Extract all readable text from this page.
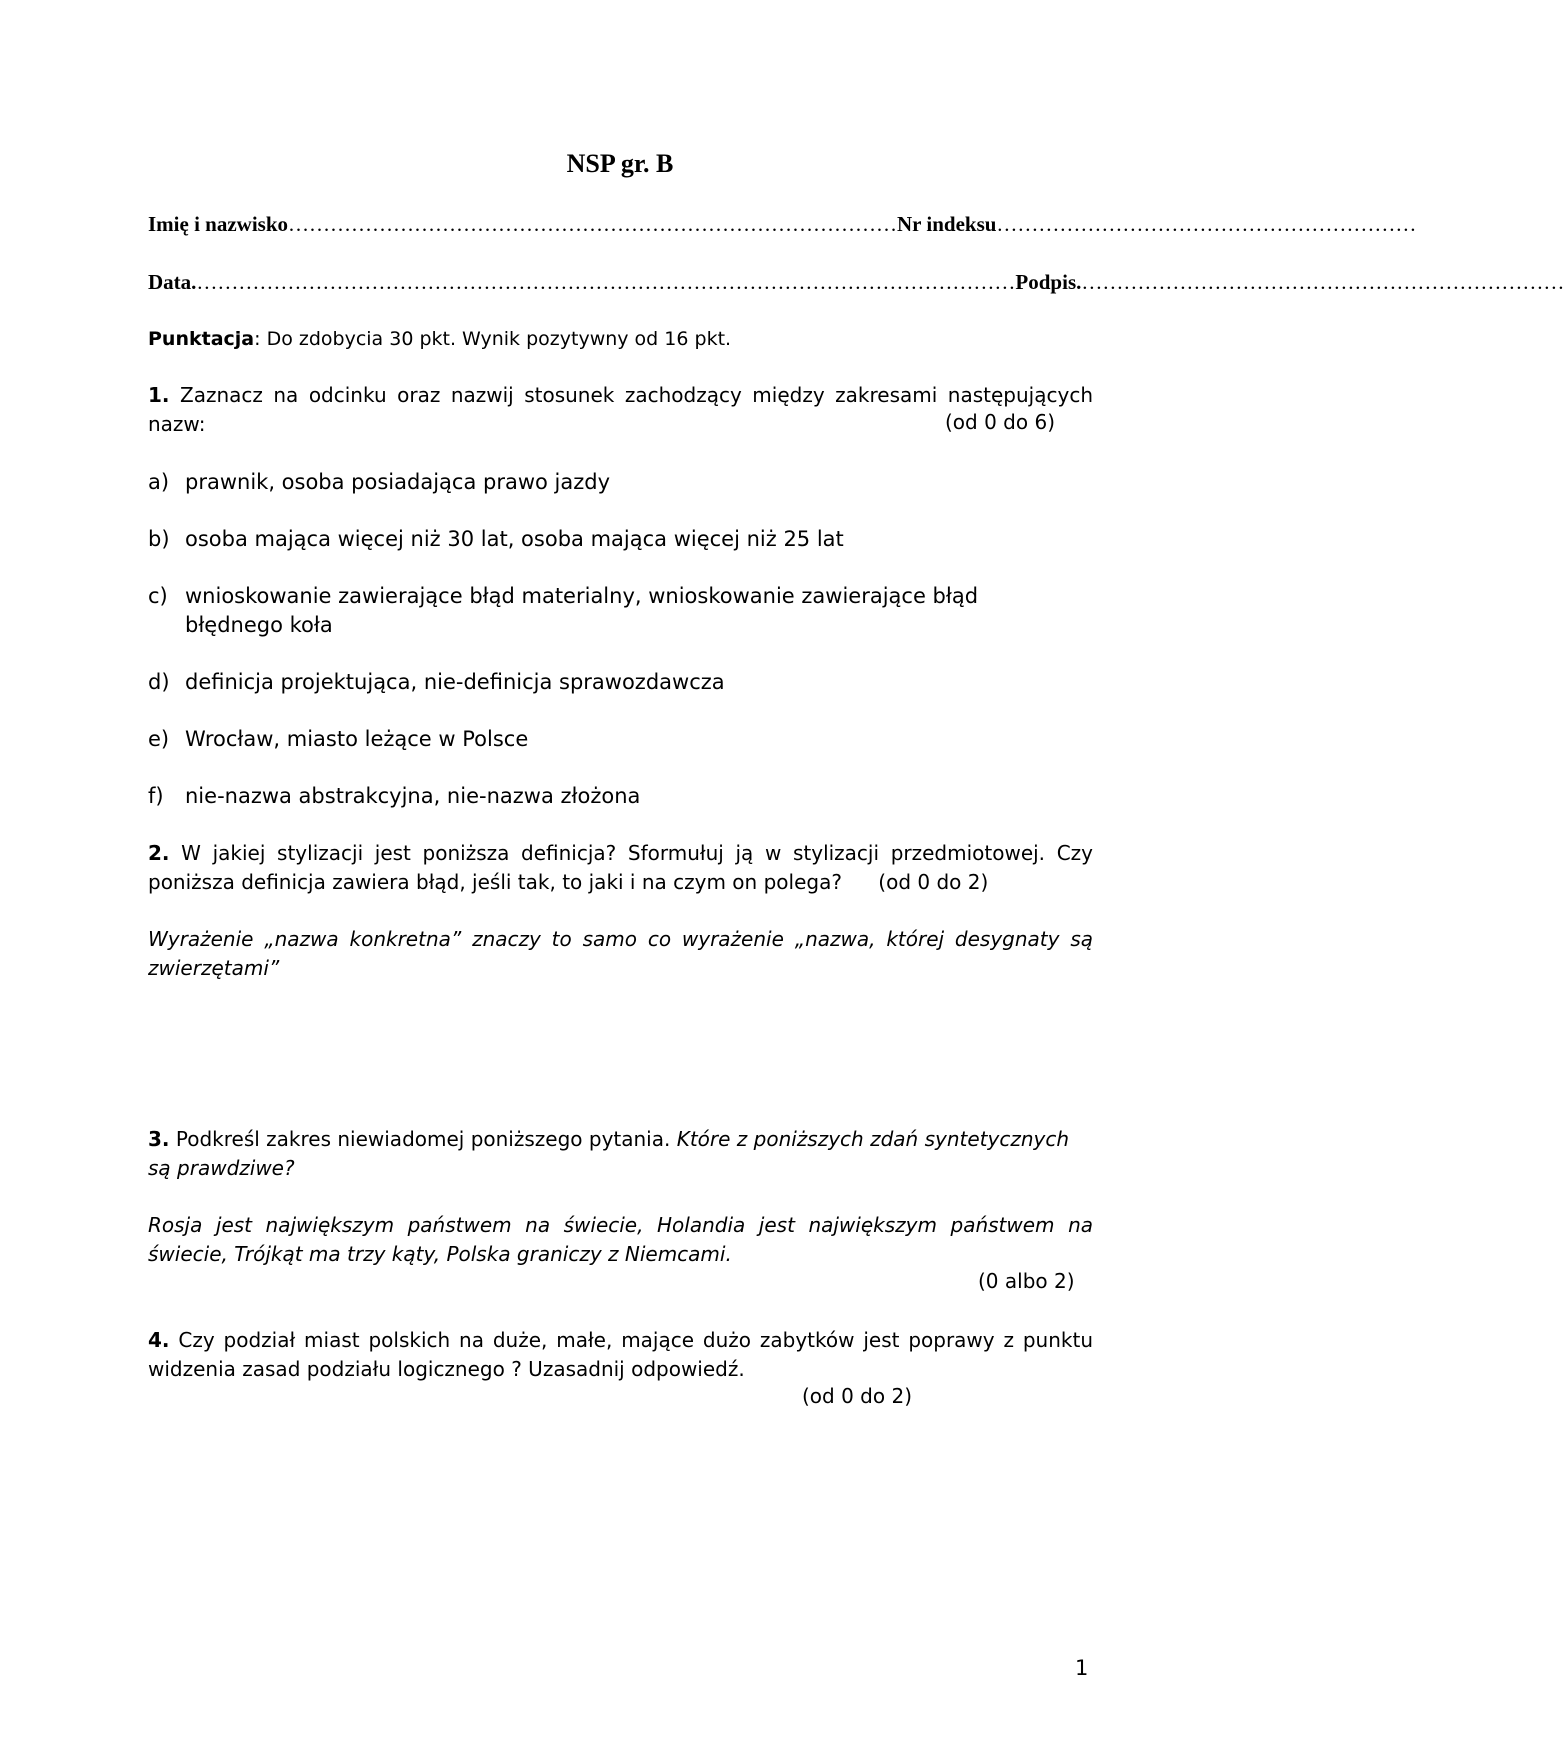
NSP gr. B
Imię i nazwisko …………………………………………………………………………… Nr indeksu ……………………………………………………
Data. ……………………………………………………………………………………………………… Podpis. ……………………………………………………………
Punktacja: Do zdobycia 30 pkt. Wynik pozytywny od 16 pkt.
1. Zaznacz na odcinku oraz nazwij stosunek zachodzący między zakresami następujących nazw:	(od 0 do 6)
a) prawnik, osoba posiadająca prawo jazdy
b) osoba mająca więcej niż 30 lat, osoba mająca więcej niż 25 lat
c) wnioskowanie zawierające błąd materialny, wnioskowanie zawierające błąd błędnego koła
d) definicja projektująca, nie-definicja sprawozdawcza
e) Wrocław, miasto leżące w Polsce
f) nie-nazwa abstrakcyjna, nie-nazwa złożona
2. W jakiej stylizacji jest poniższa definicja? Sformułuj ją w stylizacji przedmiotowej. Czy poniższa definicja zawiera błąd, jeśli tak, to jaki i na czym on polega? (od 0 do 2)
Wyrażenie „nazwa konkretna” znaczy to samo co wyrażenie „nazwa, której desygnaty są zwierzętami”
3. Podkreśl zakres niewiadomej poniższego pytania. Które z poniższych zdań syntetycznych są prawdziwe?
Rosja jest największym państwem na świecie, Holandia jest największym państwem na świecie, Trójkąt ma trzy kąty, Polska graniczy z Niemcami.
(0 albo 2)
4. Czy podział miast polskich na duże, małe, mające dużo zabytków jest poprawy z punktu widzenia zasad podziału logicznego ? Uzasadnij odpowiedź.
(od 0 do 2)
1
